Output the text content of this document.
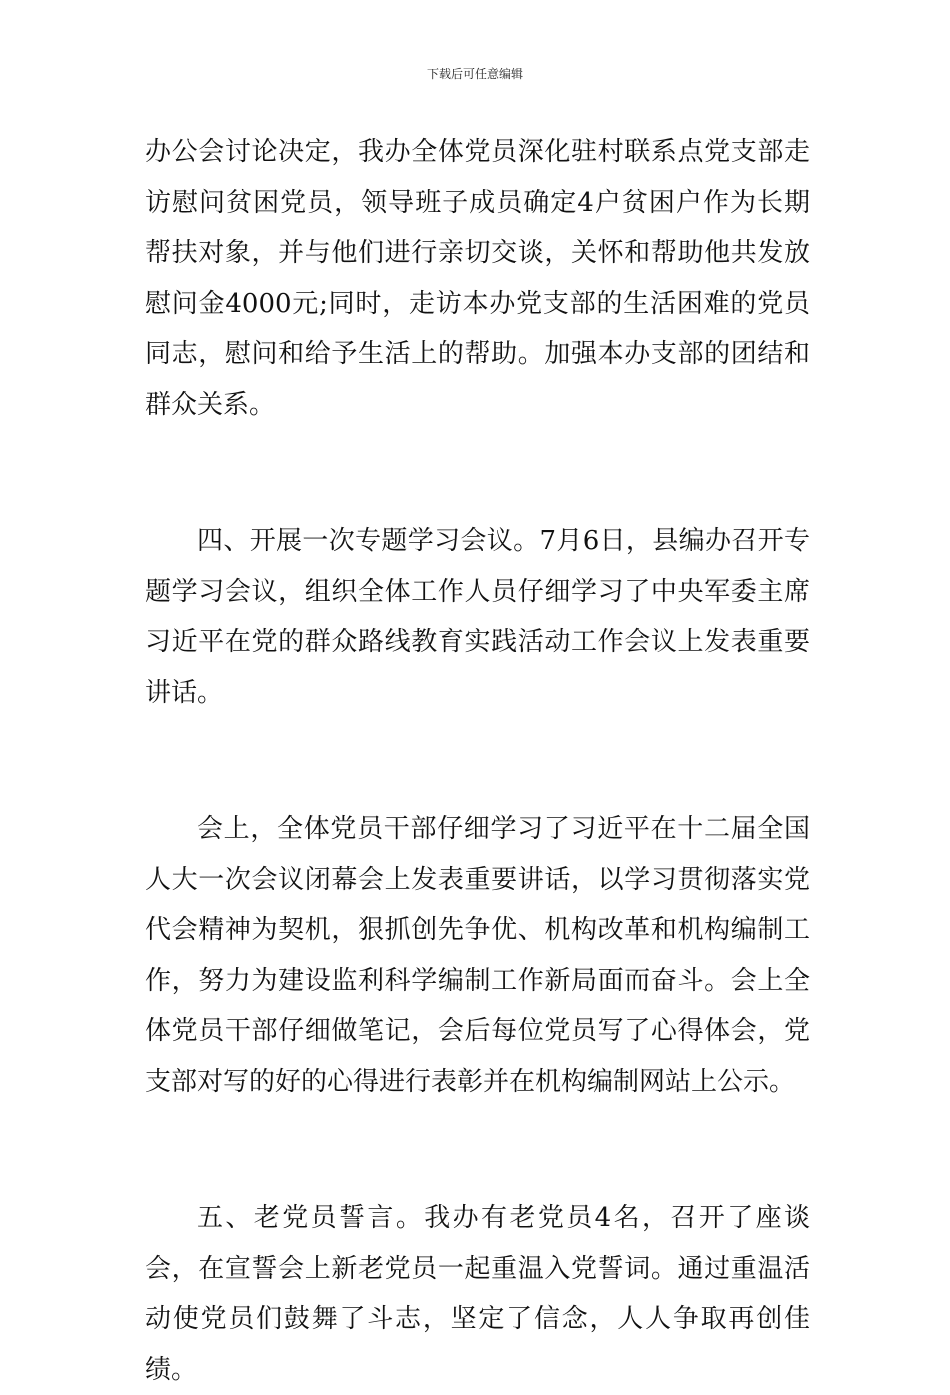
下载后可任意编辑

办公会讨论决定，我办全体党员深化驻村联系点党支部走访慰问贫困党员，领导班子成员确定4户贫困户作为长期帮扶对象，并与他们进行亲切交谈，关怀和帮助他共发放慰问金4000元;同时，走访本办党支部的生活困难的党员同志，慰问和给予生活上的帮助。加强本办支部的团结和群众关系。

四、开展一次专题学习会议。7月6日，县编办召开专题学习会议，组织全体工作人员仔细学习了中央军委主席习近平在党的群众路线教育实践活动工作会议上发表重要讲话。

会上，全体党员干部仔细学习了习近平在十二届全国人大一次会议闭幕会上发表重要讲话，以学习贯彻落实党代会精神为契机，狠抓创先争优、机构改革和机构编制工作，努力为建设监利科学编制工作新局面而奋斗。会上全体党员干部仔细做笔记，会后每位党员写了心得体会，党支部对写的好的心得进行表彰并在机构编制网站上公示。

五、老党员誓言。我办有老党员4名，召开了座谈会，在宣誓会上新老党员一起重温入党誓词。通过重温活动使党员们鼓舞了斗志，坚定了信念，人人争取再创佳绩。
